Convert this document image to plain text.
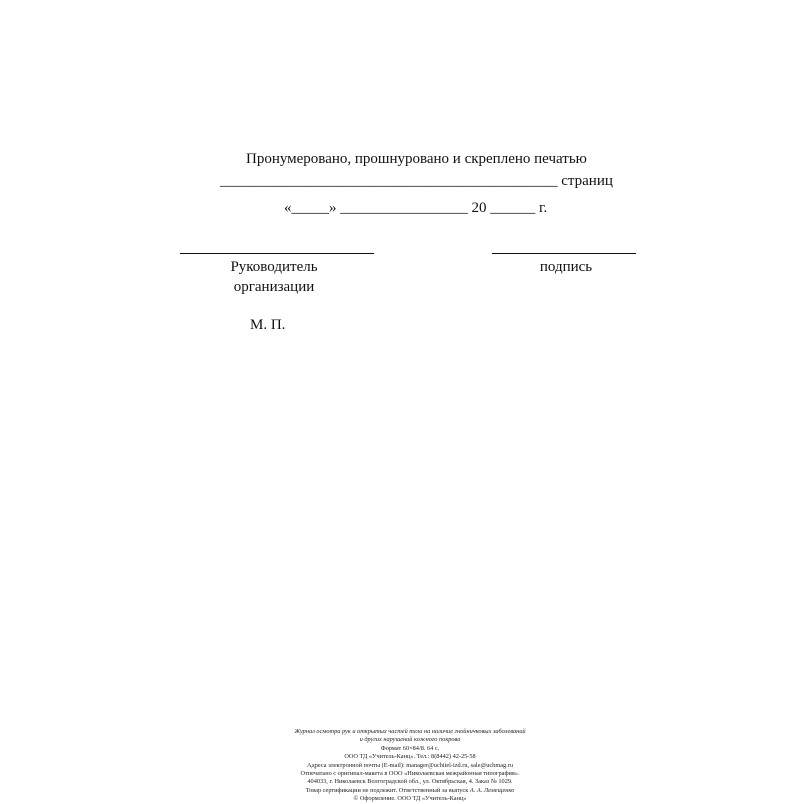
Пронумеровано, прошнуровано и скреплено печатью
_____________________________________________ страниц
«_____» _________________ 20 ______ г.
Руководитель
организации
подпись
М. П.
Журнал осмотра рук и открытых частей тела на наличие гнойничковых заболеваний
и других нарушений кожного покрова
Формат 60×84/8. 64 с.
ООО ТД «Учитель-Канц». Тел.: 8(8442) 42-25-58
Адреса электронной почты (E-mail): manager@uchitel-izd.ru, sale@uchmag.ru
Отпечатано с оригинал-макета в ООО «Николаевская межрайонная типография».
404033, г. Николаевск Волгоградской обл., ул. Октябрьская, 4. Заказ № 1029.
Товар сертификации не подлежит. Ответственный за выпуск А. А. Лемещенко
© Оформление. ООО ТД «Учитель-Канц»
